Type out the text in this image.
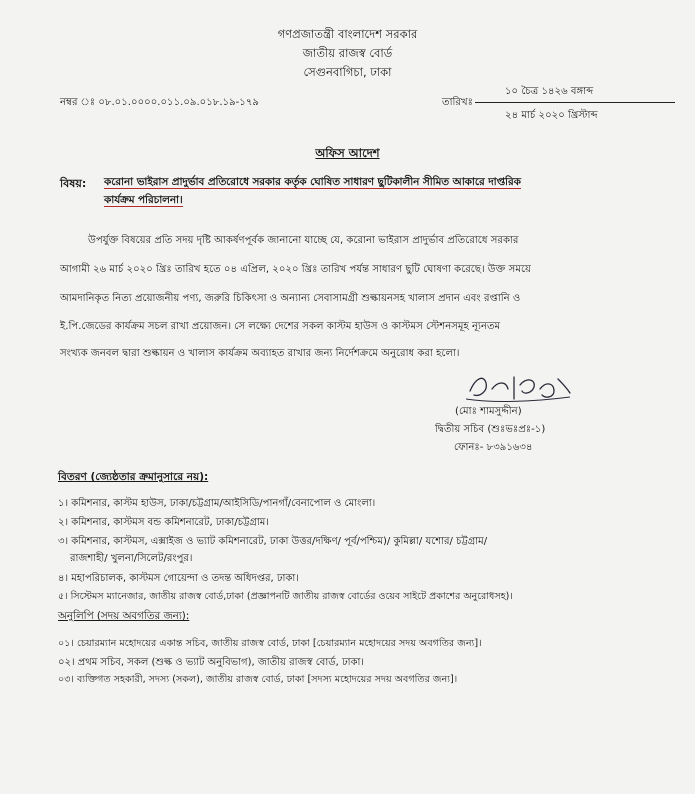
গণপ্রজাতন্ত্রী বাংলাদেশ সরকার
জাতীয় রাজস্ব বোর্ড
সেগুনবাগিচা, ঢাকা
নম্বর ঃ ০৮.০১.০০০০.০১১.০৯.০১৮.১৯-১৭৯	তারিখঃ
১০ চৈত্র ১৪২৬ বঙ্গাব্দ
২৪ মার্চ ২০২০ খ্রিস্টাব্দ
অফিস আদেশ
বিষয়: করোনা ভাইরাস প্রাদুর্ভাব প্রতিরোধে সরকার কর্তৃক ঘোষিত সাধারণ ছুটিকালীন সীমিত আকারে দাপ্তরিক
কার্যক্রম পরিচালনা।
উপর্যুক্ত বিষয়ের প্রতি সদয় দৃষ্টি আকর্ষণপূর্বক জানানো যাচ্ছে যে, করোনা ভাইরাস প্রাদুর্ভাব প্রতিরোধে সরকার
আগামী ২৬ মার্চ ২০২০ খ্রিঃ তারিখ হতে ০৪ এপ্রিল, ২০২০ খ্রিঃ তারিখ পর্যন্ত সাধারণ ছুটি ঘোষণা করেছে। উক্ত সময়ে
আমদানিকৃত নিত্য প্রয়োজনীয় পণ্য, জরুরি চিকিৎসা ও অন্যান্য সেবাসামগ্রী শুল্কায়নসহ খালাস প্রদান এবং রপ্তানি ও
ই.পি.জেডের কার্যক্রম সচল রাখা প্রয়োজন। সে লক্ষ্যে দেশের সকল কাস্টম হাউস ও কাস্টমস স্টেশনসমূহ ন্যূনতম
সংখ্যক জনবল দ্বারা শুল্কায়ন ও খালাস কার্যক্রম অব্যাহত রাখার জন্য নির্দেশক্রমে অনুরোধ করা হলো।
(মোঃ শামসুদ্দীন)
দ্বিতীয় সচিব (শুঃভঃপ্রঃ-১)
ফোনঃ- ৮৩৯১৬৩৪
বিতরণ (জ্যেষ্ঠতার ক্রমানুসারে নয়):
১। কমিশনার, কাস্টম হাউস, ঢাকা/চট্টগ্রাম/আইসিডি/পানগাঁ/বেনাপোল ও মোংলা।
২। কমিশনার, কাস্টমস বন্ড কমিশনারেট, ঢাকা/চট্টগ্রাম।
৩। কমিশনার, কাস্টমস, এক্সাইজ ও ভ্যাট কমিশনারেট, ঢাকা উত্তর/দক্ষিণ/ পূর্ব/পশ্চিম)/ কুমিল্লা/ যশোর/ চট্টগ্রাম/
রাজশাহী/ খুলনা/সিলেট/রংপুর।
৪। মহাপরিচালক, কাস্টমস গোয়েন্দা ও তদন্ত অধিদপ্তর, ঢাকা।
৫। সিস্টেমস ম্যানেজার, জাতীয় রাজস্ব বোর্ড,ঢাকা (প্রজ্ঞাপনটি জাতীয় রাজস্ব বোর্ডের ওয়েব সাইটে প্রকাশের অনুরোধসহ)।
অনুলিপি (সদয় অবগতির জন্য):
০১। চেয়ারম্যান মহোদয়ের একান্ত সচিব, জাতীয় রাজস্ব বোর্ড, ঢাকা [চেয়ারম্যান মহোদয়ের সদয় অবগতির জন্য]।
০২। প্রথম সচিব, সকল (শুল্ক ও ভ্যাট অনুবিভাগ), জাতীয় রাজস্ব বোর্ড, ঢাকা।
০৩। ব্যক্তিগত সহকারী, সদস্য (সকল), জাতীয় রাজস্ব বোর্ড, ঢাকা [সদস্য মহোদয়ের সদয় অবগতির জন্য]।
